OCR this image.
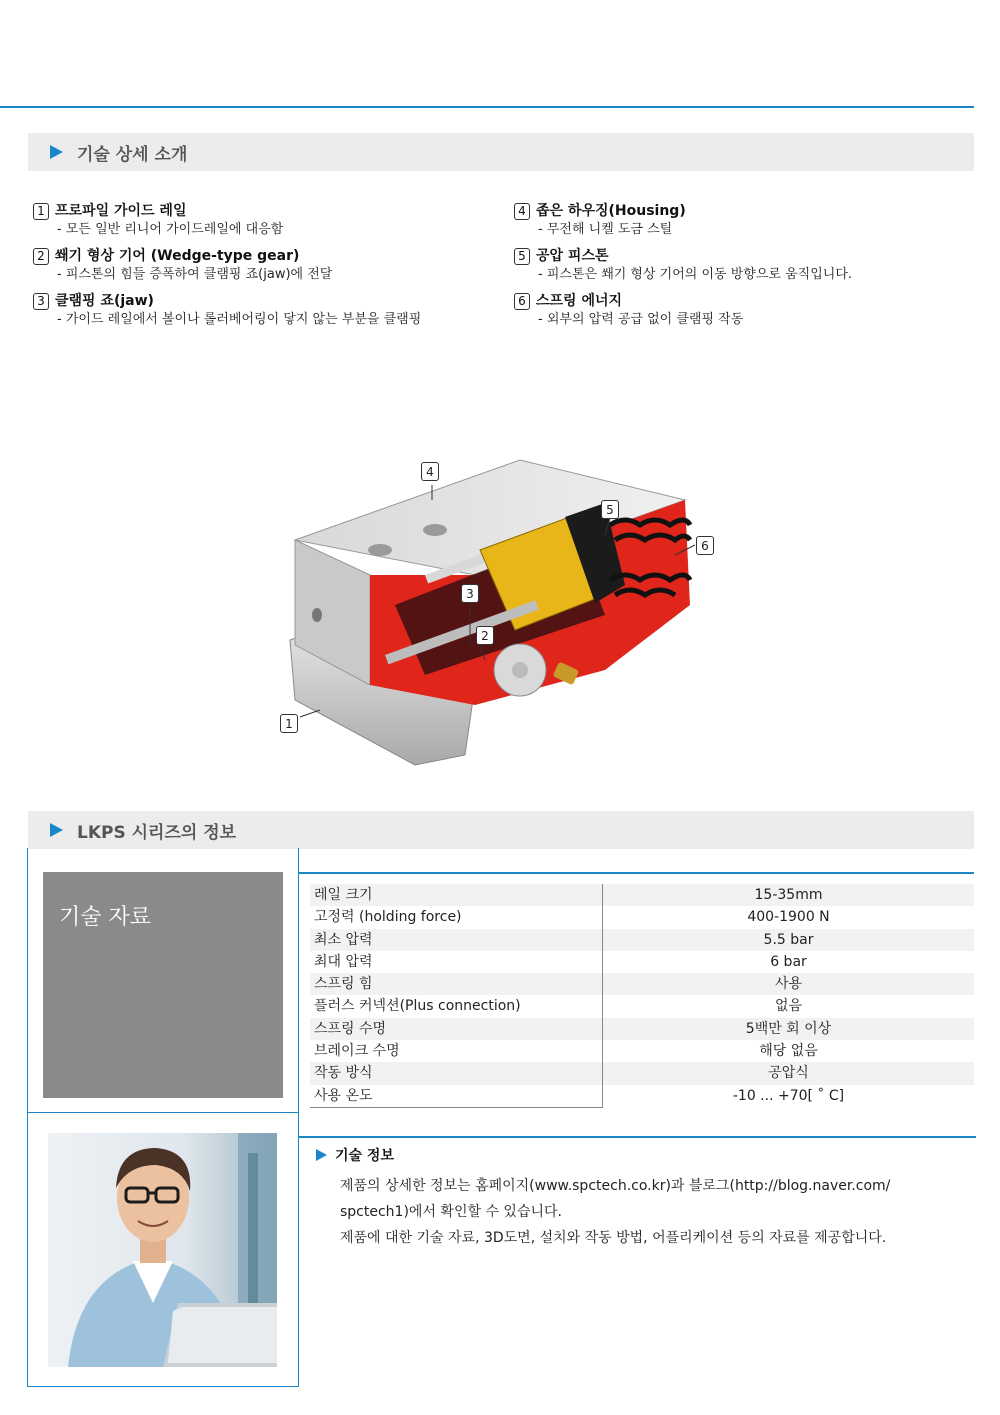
기술 상세 소개
1 프로파일 가이드 레일
- 모든 일반 리니어 가이드레일에 대응함
2 쐐기 형상 기어 (Wedge-type gear)
- 피스톤의 힘들 증폭하여 클램핑 죠(jaw)에 전달
3 클램핑 죠(jaw)
- 가이드 레일에서 볼이나 롤러베어링이 닿지 않는 부분을 클램핑
4 좁은 하우징(Housing)
- 무전해 니켈 도금 스틸
5 공압 피스톤
- 피스톤은 쐐기 형상 기어의 이동 방향으로 움직입니다.
6 스프링 에너지
- 외부의 압력 공급 없이 클램핑 작동
4
5
6
3
2
1
LKPS 시리즈의 정보
기술 자료
레일 크기	15-35mm
고정력 (holding force)	400-1900 N
최소 압력	5.5 bar
최대 압력	6 bar
스프링 힘	사용
플러스 커넥션(Plus connection)	없음
스프링 수명	5백만 회 이상
브레이크 수명	해당 없음
작동 방식	공압식
사용 온도	-10 ... +70[ ˚ C]
기술 정보

제품의 상세한 정보는 홈페이지(www.spctech.co.kr)과 블로그(http://blog.naver.com/

spctech1)에서 확인할 수 있습니다.

제품에 대한 기술 자료, 3D도면, 설치와 작동 방법, 어플리케이션 등의 자료를 제공합니다.
